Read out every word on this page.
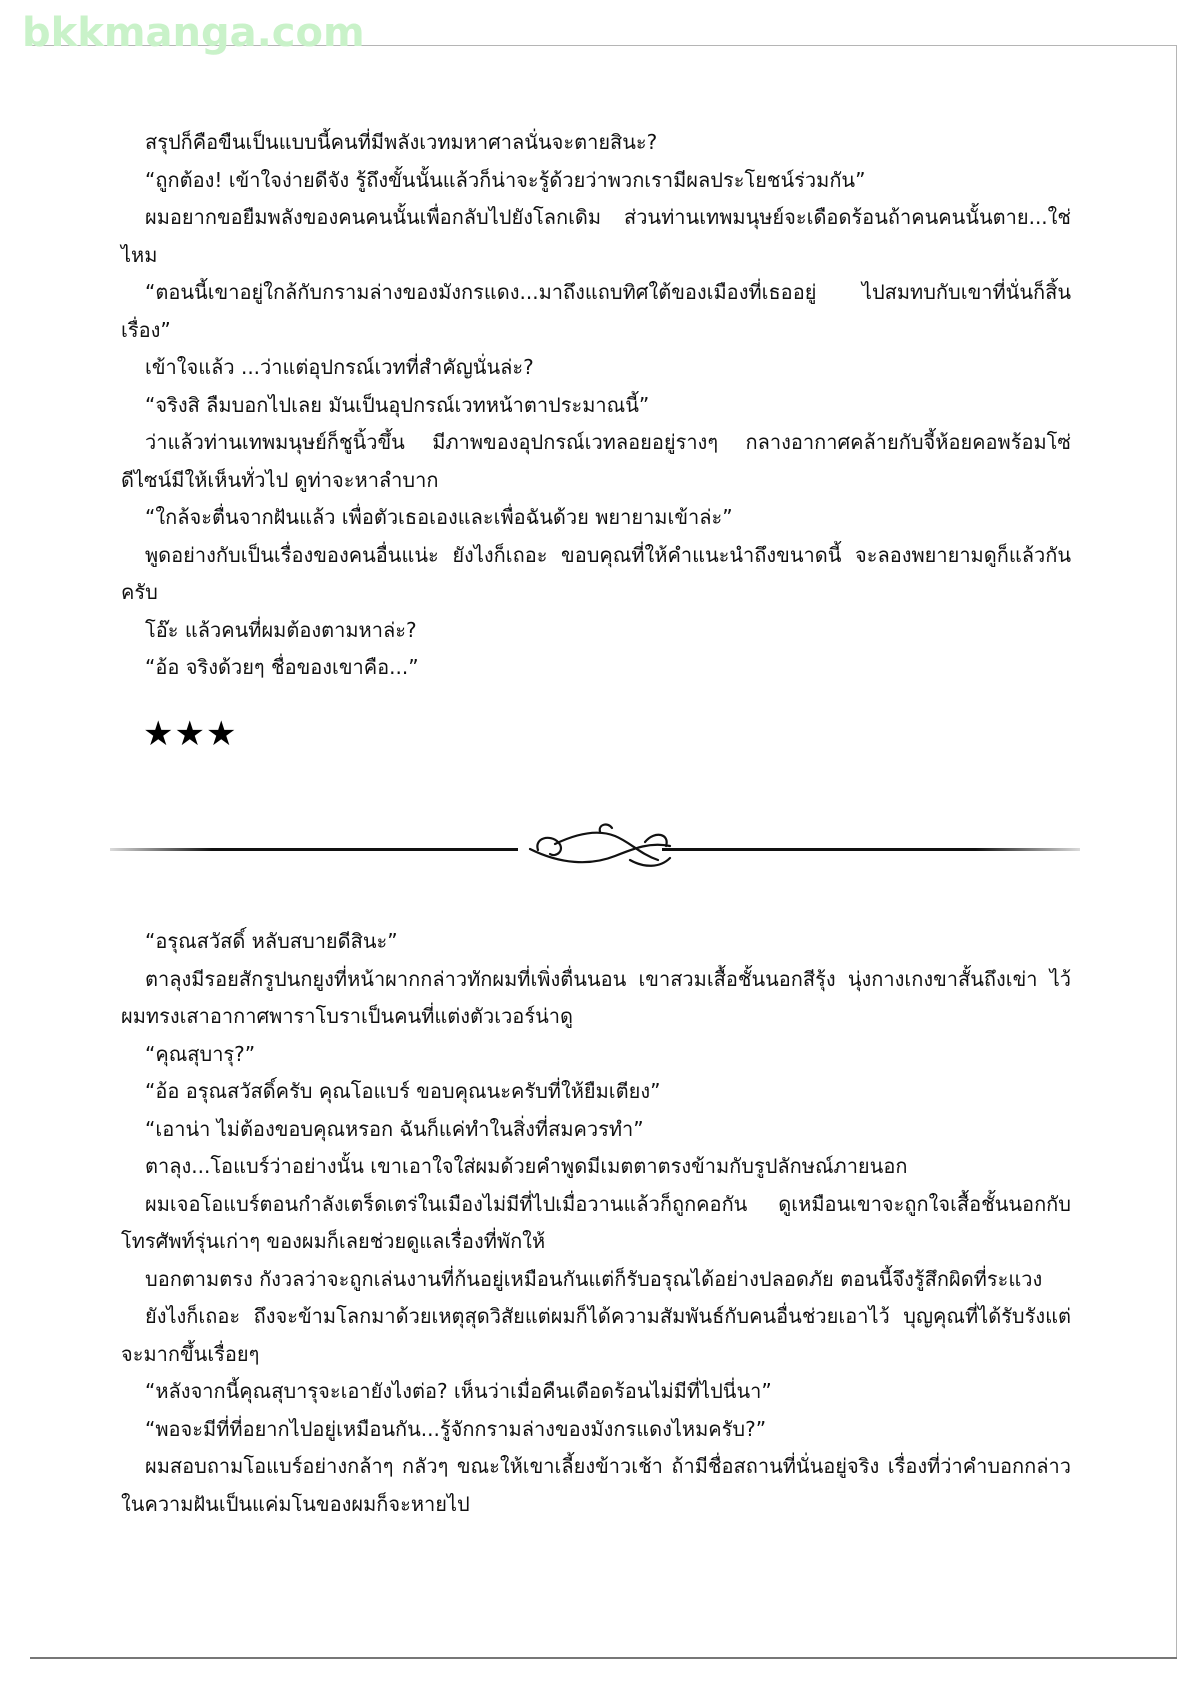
bkkmanga.com

สรุปก็คือขืนเป็นแบบนี้คนที่มีพลังเวทมหาศาลนั่นจะตายสินะ?

“ถูกต้อง! เข้าใจง่ายดีจัง รู้ถึงขั้นนั้นแล้วก็น่าจะรู้ด้วยว่าพวกเรามีผลประโยชน์ร่วมกัน”

ผมอยากขอยืมพลังของคนคนนั้นเพื่อกลับไปยังโลกเดิม ส่วนท่านเทพมนุษย์จะเดือดร้อนถ้าคนคนนั้นตาย...ใช่ไหม

“ตอนนี้เขาอยู่ใกล้กับกรามล่างของมังกรแดง...มาถึงแถบทิศใต้ของเมืองที่เธออยู่ ไปสมทบกับเขาที่นั่นก็สิ้นเรื่อง”

เข้าใจแล้ว ...ว่าแต่อุปกรณ์เวทที่สำคัญนั่นล่ะ?

“จริงสิ ลืมบอกไปเลย มันเป็นอุปกรณ์เวทหน้าตาประมาณนี้”

ว่าแล้วท่านเทพมนุษย์ก็ชูนิ้วขึ้น มีภาพของอุปกรณ์เวทลอยอยู่รางๆ กลางอากาศคล้ายกับจี้ห้อยคอพร้อมโซ่ ดีไซน์มีให้เห็นทั่วไป ดูท่าจะหาลำบาก

“ใกล้จะตื่นจากฝันแล้ว เพื่อตัวเธอเองและเพื่อฉันด้วย พยายามเข้าล่ะ”

พูดอย่างกับเป็นเรื่องของคนอื่นแน่ะ ยังไงก็เถอะ ขอบคุณที่ให้คำแนะนำถึงขนาดนี้ จะลองพยายามดูก็แล้วกันครับ

โอ๊ะ แล้วคนที่ผมต้องตามหาล่ะ?

“อ้อ จริงด้วยๆ ชื่อของเขาคือ...”

★★★

“อรุณสวัสดิ์ หลับสบายดีสินะ”

ตาลุงมีรอยสักรูปนกยูงที่หน้าผากกล่าวทักผมที่เพิ่งตื่นนอน เขาสวมเสื้อชั้นนอกสีรุ้ง นุ่งกางเกงขาสั้นถึงเข่า ไว้ผมทรงเสาอากาศพาราโบราเป็นคนที่แต่งตัวเวอร์น่าดู

“คุณสุบารุ?”

“อ้อ อรุณสวัสดิ์ครับ คุณโอแบร์ ขอบคุณนะครับที่ให้ยืมเตียง”

“เอาน่า ไม่ต้องขอบคุณหรอก ฉันก็แค่ทำในสิ่งที่สมควรทำ”

ตาลุง...โอแบร์ว่าอย่างนั้น เขาเอาใจใส่ผมด้วยคำพูดมีเมตตาตรงข้ามกับรูปลักษณ์ภายนอก

ผมเจอโอแบร์ตอนกำลังเตร็ดเตร่ในเมืองไม่มีที่ไปเมื่อวานแล้วก็ถูกคอกัน ดูเหมือนเขาจะถูกใจเสื้อชั้นนอกกับโทรศัพท์รุ่นเก่าๆ ของผมก็เลยช่วยดูแลเรื่องที่พักให้

บอกตามตรง กังวลว่าจะถูกเล่นงานที่ก้นอยู่เหมือนกันแต่ก็รับอรุณได้อย่างปลอดภัย ตอนนี้จึงรู้สึกผิดที่ระแวง

ยังไงก็เถอะ ถึงจะข้ามโลกมาด้วยเหตุสุดวิสัยแต่ผมก็ได้ความสัมพันธ์กับคนอื่นช่วยเอาไว้ บุญคุณที่ได้รับรังแต่จะมากขึ้นเรื่อยๆ

“หลังจากนี้คุณสุบารุจะเอายังไงต่อ? เห็นว่าเมื่อคืนเดือดร้อนไม่มีที่ไปนี่นา”

“พอจะมีที่ที่อยากไปอยู่เหมือนกัน...รู้จักกรามล่างของมังกรแดงไหมครับ?”

ผมสอบถามโอแบร์อย่างกล้าๆ กลัวๆ ขณะให้เขาเลี้ยงข้าวเช้า ถ้ามีชื่อสถานที่นั่นอยู่จริง เรื่องที่ว่าคำบอกกล่าวในความฝันเป็นแค่มโนของผมก็จะหายไป
